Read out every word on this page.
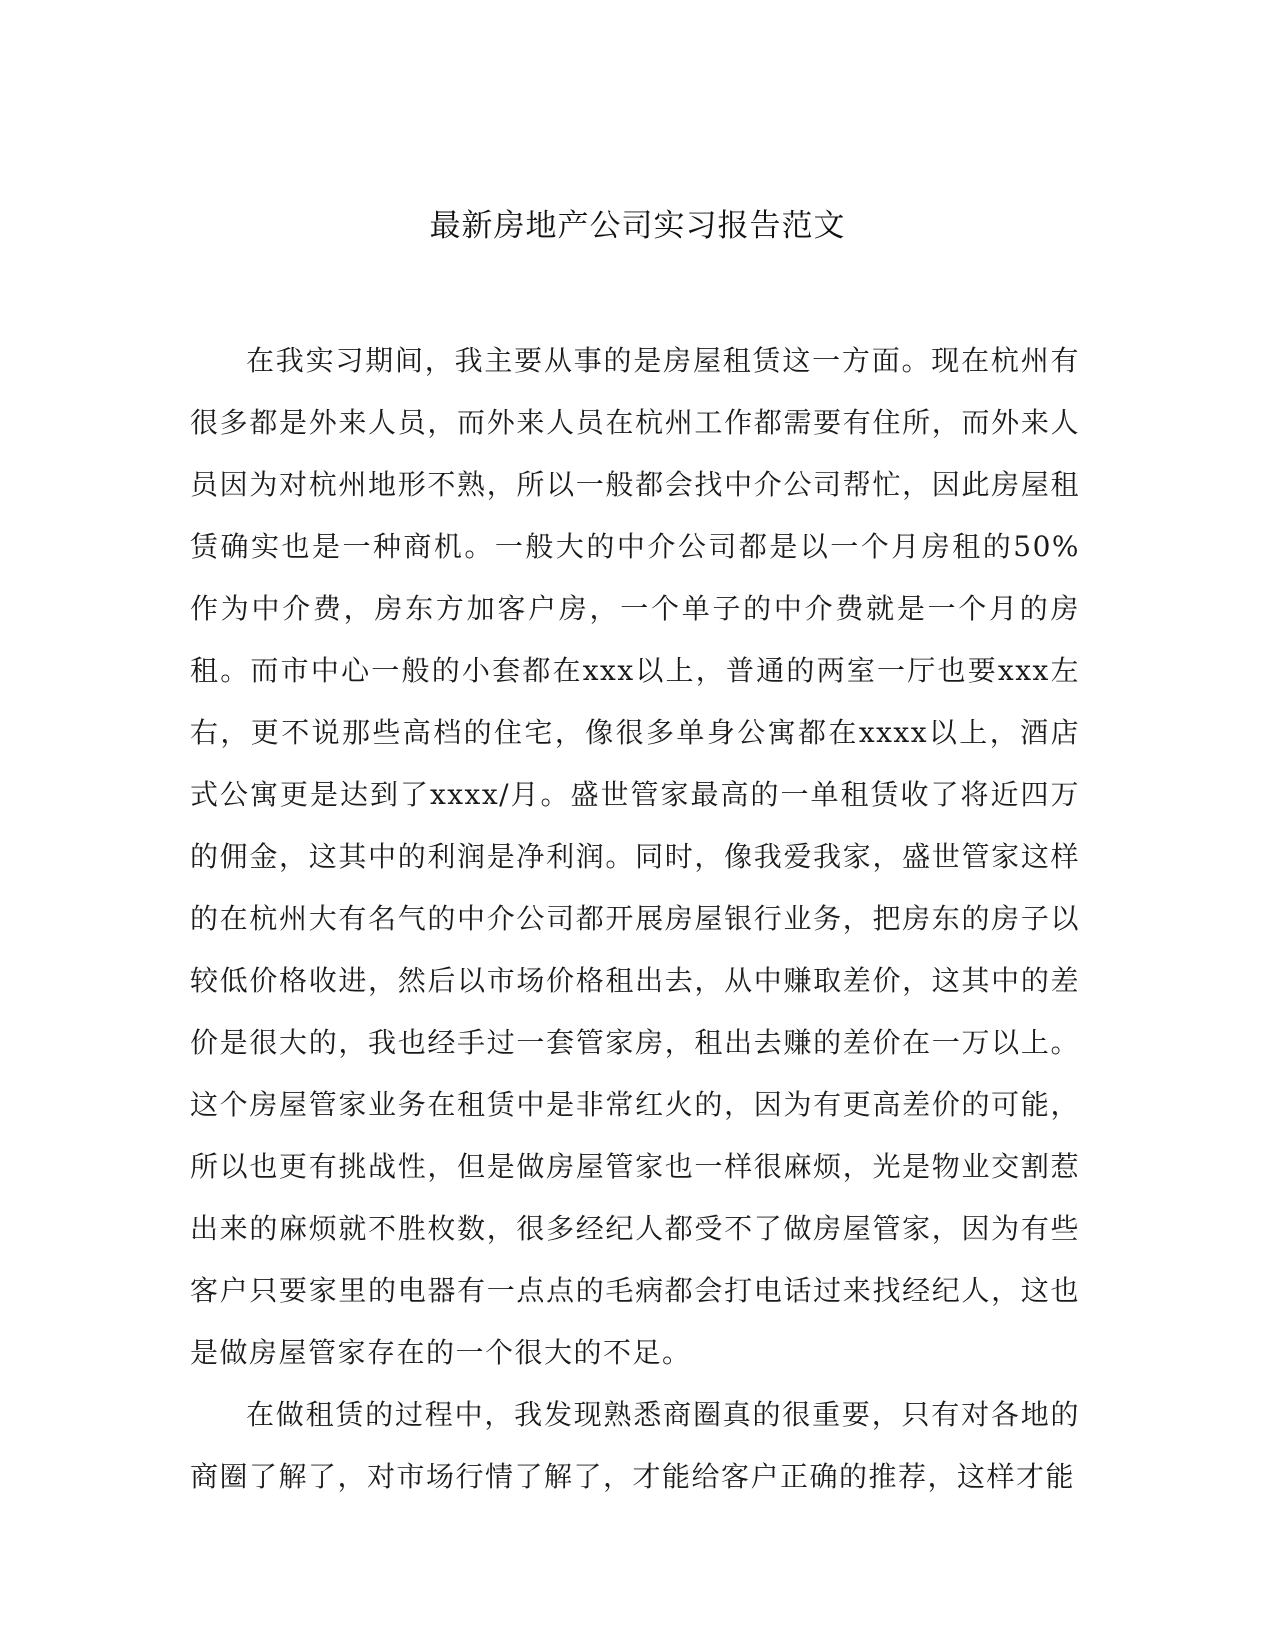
最新房地产公司实习报告范文

在我实习期间，我主要从事的是房屋租赁这一方面。现在杭州有很多都是外来人员，而外来人员在杭州工作都需要有住所，而外来人员因为对杭州地形不熟，所以一般都会找中介公司帮忙，因此房屋租赁确实也是一种商机。一般大的中介公司都是以一个月房租的50%作为中介费，房东方加客户房，一个单子的中介费就是一个月的房租。而市中心一般的小套都在xxx以上，普通的两室一厅也要xxx左右，更不说那些高档的住宅，像很多单身公寓都在xxxx以上，酒店式公寓更是达到了xxxx/月。盛世管家最高的一单租赁收了将近四万的佣金，这其中的利润是净利润。同时，像我爱我家，盛世管家这样的在杭州大有名气的中介公司都开展房屋银行业务，把房东的房子以较低价格收进，然后以市场价格租出去，从中赚取差价，这其中的差价是很大的，我也经手过一套管家房，租出去赚的差价在一万以上。这个房屋管家业务在租赁中是非常红火的，因为有更高差价的可能，所以也更有挑战性，但是做房屋管家也一样很麻烦，光是物业交割惹出来的麻烦就不胜枚数，很多经纪人都受不了做房屋管家，因为有些客户只要家里的电器有一点点的毛病都会打电话过来找经纪人，这也是做房屋管家存在的一个很大的不足。

在做租赁的过程中，我发现熟悉商圈真的很重要，只有对各地的商圈了解了，对市场行情了解了，才能给客户正确的推荐，这样才能
